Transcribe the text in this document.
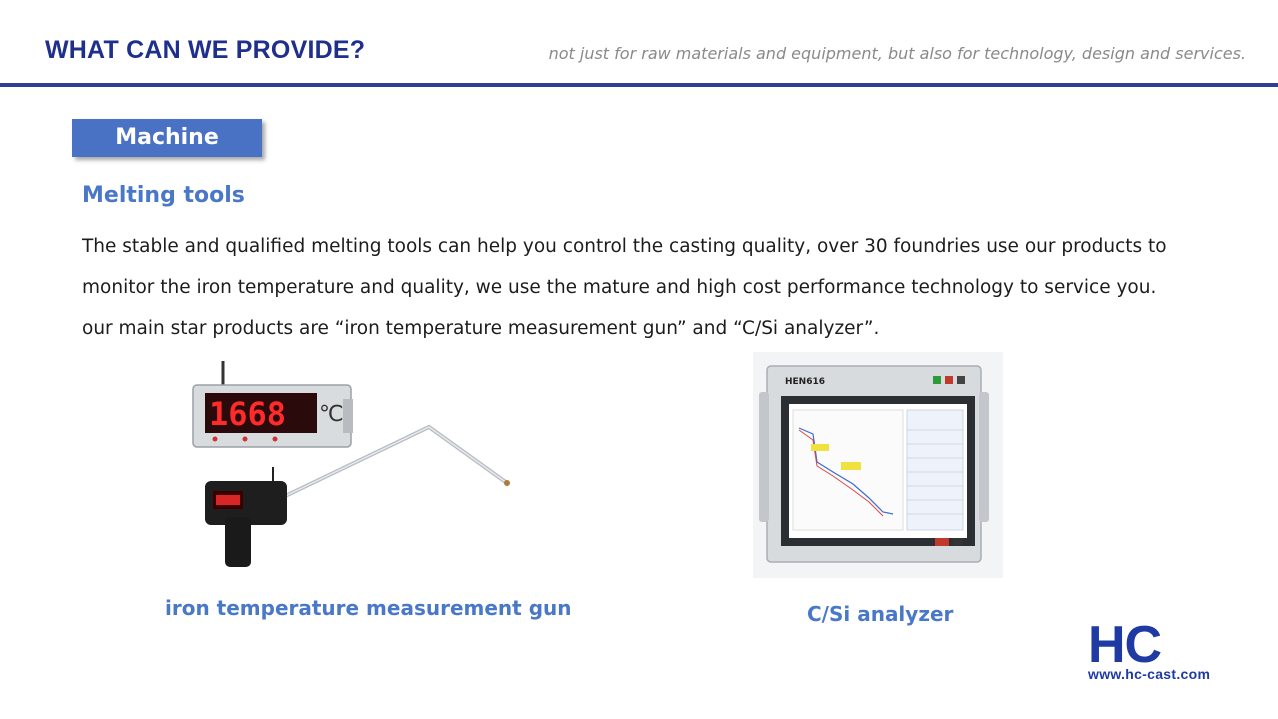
WHAT CAN WE PROVIDE?	not just for raw materials and equipment, but also for technology, design and services.
Machine
Melting tools

The stable and qualified melting tools can help you control the casting quality, over 30 foundries use our products to

monitor the iron temperature and quality, we use the mature and high cost performance technology to service you.

our main star products are “iron temperature measurement gun” and “C/Si analyzer”.

1668 ℃
iron temperature measurement gun
HEN616
C/Si analyzer
HC
www.hc-cast.com
